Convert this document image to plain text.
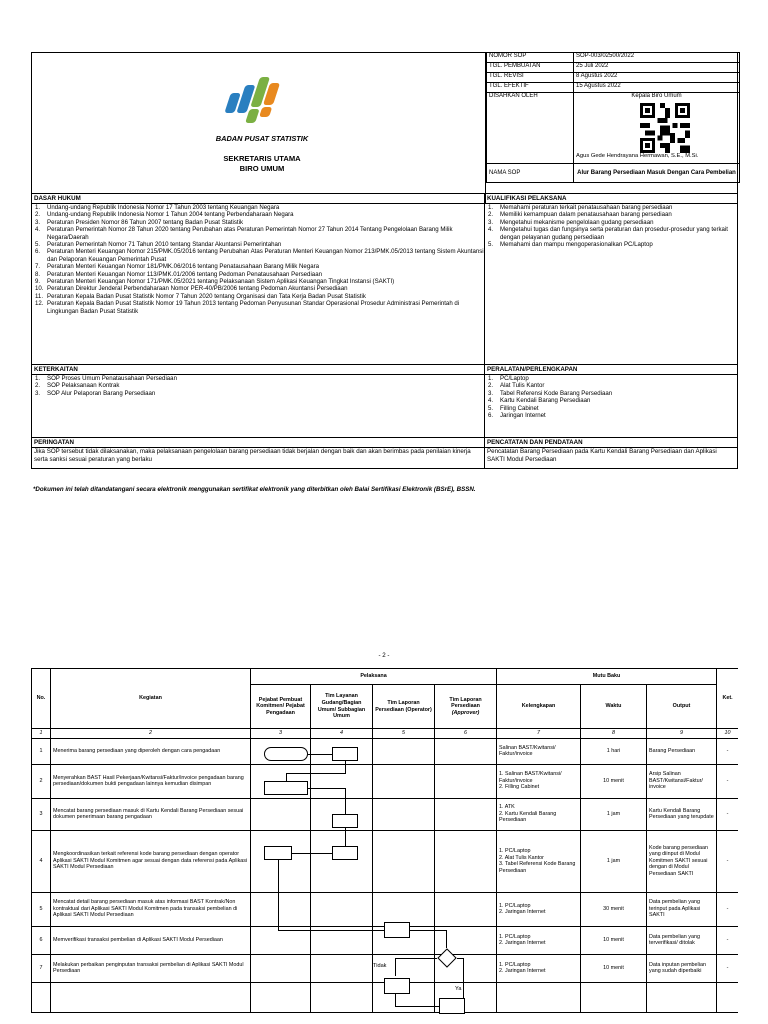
BADAN PUSAT STATISTIK
SEKRETARIS UTAMA
BIRO UMUM
NOMOR SOP	SOP-003/02500/2022
TGL. PEMBUATAN	25 Juli 2022
TGL. REVISI	8 Agustus 2022
TGL. EFEKTIF	15 Agustus 2022
DISAHKAN OLEH	Kepala Biro Umum
Agus Gede Hendrayana Hermawan, S.E., M.Si.

NAMA SOP	Alur Barang Persediaan Masuk Dengan Cara Pembelian
DASAR HUKUM
1.	Undang-undang Republik Indonesia Nomor 17 Tahun 2003 tentang Keuangan Negara
2.	Undang-undang Republik Indonesia Nomor 1 Tahun 2004 tentang Perbendaharaan Negara
3.	Peraturan Presiden Nomor 86 Tahun 2007 tentang Badan Pusat Statistik
4.	Peraturan Pemerintah Nomor 28 Tahun 2020 tentang Perubahan atas Peraturan Pemerintah Nomor 27 Tahun 2014 Tentang Pengelolaan Barang Milik Negara/Daerah
5.	Peraturan Pemerintah Nomor 71 Tahun 2010 tentang Standar Akuntansi Pemerintahan
6.	Peraturan Menteri Keuangan Nomor 215/PMK.05/2016 tentang Perubahan Atas Peraturan Menteri Keuangan Nomor 213/PMK.05/2013 tentang Sistem Akuntansi dan Pelaporan Keuangan Pemerintah Pusat
7.	Peraturan Menteri Keuangan Nomor 181/PMK.06/2016 tentang Penatausahaan Barang Milik Negara
8.	Peraturan Menteri Keuangan Nomor 113/PMK.01/2006 tentang Pedoman Penatausahaan Persediaan
9.	Peraturan Menteri Keuangan Nomor 171/PMK.05/2021 tentang Pelaksanaan Sistem Aplikasi Keuangan Tingkat Instansi (SAKTI)
10. Peraturan Direktur Jenderal Perbendaharaan Nomor PER-40/PB/2006 tentang Pedoman Akuntansi Persediaan
11. Peraturan Kepala Badan Pusat Statistik Nomor 7 Tahun 2020 tentang Organisasi dan Tata Kerja Badan Pusat Statistik
12. Peraturan Kepala Badan Pusat Statistik Nomor 19 Tahun 2013 tentang Pedoman Penyusunan Standar Operasional Prosedur Administrasi Pemerintah di Lingkungan Badan Pusat Statistik
KUALIFIKASI PELAKSANA
1.	Memahami peraturan terkait penatausahaan barang persediaan
2.	Memiliki kemampuan dalam penatausahaan barang persediaan
3.	Mengetahui mekanisme pengelolaan gudang persediaan
4.	Mengetahui tugas dan fungsinya serta peraturan dan prosedur-prosedur yang terkait dengan pelayanan gudang persediaan
5.	Memahami dan mampu mengoperasionalkan PC/Laptop
KETERKAITAN
1.	SOP Proses Umum Penatausahaan Persediaan
2.	SOP Pelaksanaan Kontrak
3.	SOP Alur Pelaporan Barang Persediaan
PERALATAN/PERLENGKAPAN
1.	PC/Laptop
2.	Alat Tulis Kantor
3.	Tabel Referensi Kode Barang Persediaan
4.	Kartu Kendali Barang Persediaan
5.	Filling Cabinet
6.	Jaringan Internet
PERINGATAN
Jika SOP tersebut tidak dilaksanakan, maka pelaksanaan pengelolaan barang persediaan tidak berjalan dengan baik dan akan berimbas pada penilaian kinerja serta sanksi sesuai peraturan yang berlaku
PENCATATAN DAN PENDATAAN
Pencatatan Barang Persediaan pada Kartu Kendali Barang Persediaan dan Aplikasi SAKTI Modul Persediaan
*Dokumen ini telah ditandatangani secara elektronik menggunakan sertifikat elektronik yang diterbitkan oleh Balai Sertifikasi Elektronik (BSrE), BSSN.
- 2 -
No.	Kegiatan	Pelaksana				Mutu Baku			Ket.
		Pejabat Pembuat Komitmen/ Pejabat Pengadaan	Tim Layanan Gudang/Bagian Umum/ Subbagian Umum	Tim Laporan Persediaan (Operator)	Tim Laporan Persediaan
(Approver)	Kelengkapan	Waktu	Output	
1	2	3	4	5	6	7	8	9	10
1	Menerima barang persediaan yang diperoleh dengan cara pengadaan					Salinan BAST/Kwitansi/ Faktur/invoice	1 hari	Barang Persediaan	-
2	Menyerahkan BAST Hasil Pekerjaan/Kwitansi/Faktur/invoice pengadaan barang persediaan/dokumen bukti pengadaan lainnya kemudian disimpan					1. Salinan BAST/Kwitansi/ Faktur/invoice
2. Filling Cabinet	10 menit	Arsip Salinan BAST/Kwitansi/Faktur/ invoice	-
3	Mencatat barang persediaan masuk di Kartu Kendali Barang Persediaan sesuai dokumen penerimaan barang pengadaan					1. ATK
2. Kartu Kendali Barang Persediaan	1 jam	Kartu Kendali Barang Persediaan yang terupdate	-
4	Mengkoordinasikan terkait referensi kode barang persediaan dengan operator Aplikasi SAKTI Modul Komitmen agar sesuai dengan data referensi pada Aplikasi SAKTI Modul Persediaan					1. PC/Laptop
2. Alat Tulis Kantor
3. Tabel Referensi Kode Barang Persediaan	1 jam	Kode barang persediaan yang diinput di Modul Komitmen SAKTI sesuai dengan di Modul Persediaan SAKTI	-
5	Mencatat detail barang persediaan masuk atas informasi BAST Kontrak/Non kontraktual dari Aplikasi SAKTI Modul Komitmen pada transaksi pembelian di Aplikasi SAKTI Modul Persediaan					1. PC/Laptop
2. Jaringan Internet	30 menit	Data pembelian yang terinput pada Aplikasi SAKTI	-
6	Memverifikasi transaksi pembelian di Aplikasi SAKTI Modul Persediaan					1. PC/Laptop
2. Jaringan Internet	10 menit	Data pembelian yang terverifikasi/ ditolak	-
7	Melakukan perbaikan penginputan transaksi pembelian di Aplikasi SAKTI Modul Persediaan					1. PC/Laptop
2. Jaringan Internet	10 menit	Data inputan pembelian yang sudah diperbaiki	-

Tidak
Ya
